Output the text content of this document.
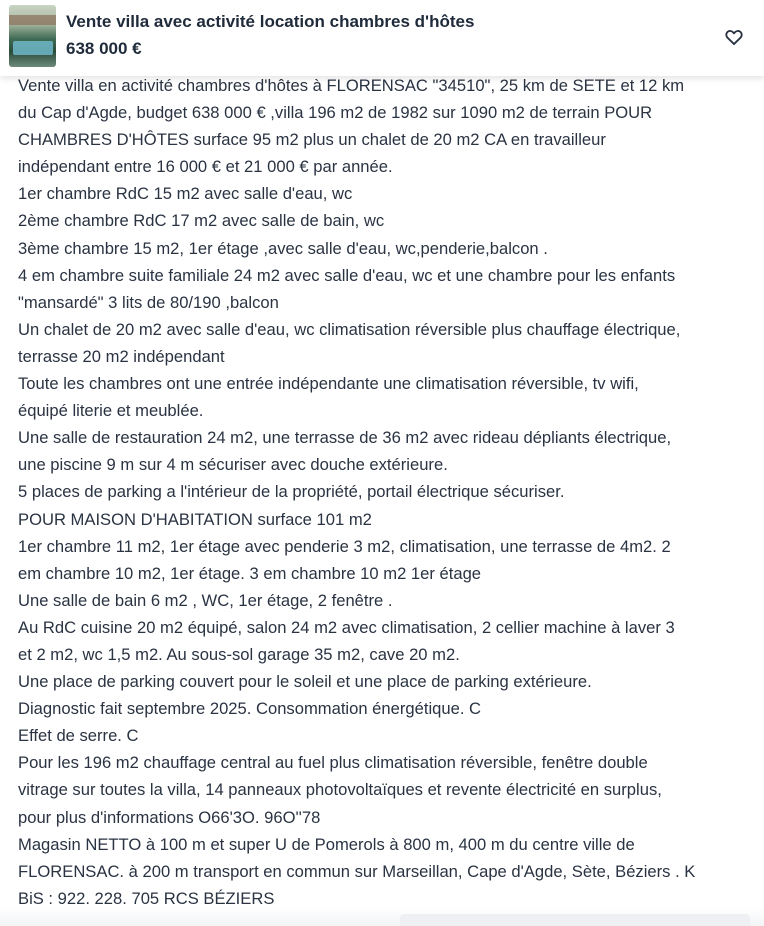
Vente villa avec activité location chambres d'hôtes
638 000 €
Vente villa en activité chambres d'hôtes à FLORENSAC "34510", 25 km de SETE et 12 km
du Cap d'Agde, budget 638 000 € ,villa 196 m2 de 1982 sur 1090 m2 de terrain POUR
CHAMBRES D'HÔTES surface 95 m2 plus un chalet de 20 m2 CA en travailleur
indépendant entre 16 000 € et 21 000 € par année.
1er chambre RdC 15 m2 avec salle d'eau, wc
2ème chambre RdC 17 m2 avec salle de bain, wc
3ème chambre 15 m2, 1er étage ,avec salle d'eau, wc,penderie,balcon .
4 em chambre suite familiale 24 m2 avec salle d'eau, wc et une chambre pour les enfants
"mansardé" 3 lits de 80/190 ,balcon
Un chalet de 20 m2 avec salle d'eau, wc climatisation réversible plus chauffage électrique,
terrasse 20 m2 indépendant
Toute les chambres ont une entrée indépendante une climatisation réversible, tv wifi,
équipé literie et meublée.
Une salle de restauration 24 m2, une terrasse de 36 m2 avec rideau dépliants électrique,
une piscine 9 m sur 4 m sécuriser avec douche extérieure.
5 places de parking a l'intérieur de la propriété, portail électrique sécuriser.
POUR MAISON D'HABITATION surface 101 m2
1er chambre 11 m2, 1er étage avec penderie 3 m2, climatisation, une terrasse de 4m2. 2
em chambre 10 m2, 1er étage. 3 em chambre 10 m2 1er étage
Une salle de bain 6 m2 , WC, 1er étage, 2 fenêtre .
Au RdC cuisine 20 m2 équipé, salon 24 m2 avec climatisation, 2 cellier machine à laver 3
et 2 m2, wc 1,5 m2. Au sous-sol garage 35 m2, cave 20 m2.
Une place de parking couvert pour le soleil et une place de parking extérieure.
Diagnostic fait septembre 2025. Consommation énergétique. C
Effet de serre. C
Pour les 196 m2 chauffage central au fuel plus climatisation réversible, fenêtre double
vitrage sur toutes la villa, 14 panneaux photovoltaïques et revente électricité en surplus,
pour plus d'informations O66'3O. 96O''78
Magasin NETTO à 100 m et super U de Pomerols à 800 m, 400 m du centre ville de
FLORENSAC. à 200 m transport en commun sur Marseillan, Cape d'Agde, Sète, Béziers . K
BiS : 922. 228. 705 RCS BÉZIERS
